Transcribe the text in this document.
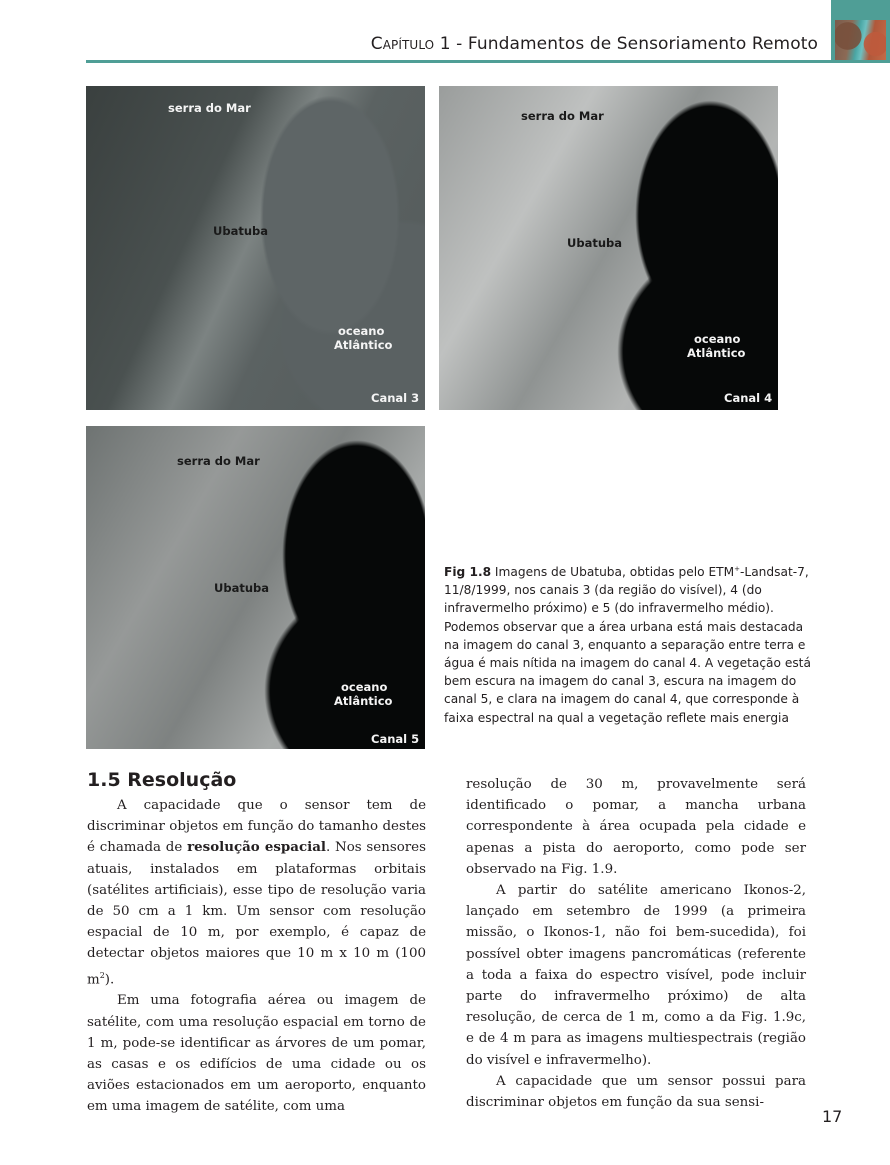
Capítulo 1 - Fundamentos de Sensoriamento Remoto
serra do Mar
Ubatuba
oceano
Atlântico
Canal 3
serra do Mar
Ubatuba
oceano
Atlântico
Canal 4
serra do Mar
Ubatuba
oceano
Atlântico
Canal 5
Fig 1.8 Imagens de Ubatuba, obtidas pelo ETM+-Landsat-7, 11/8/1999, nos canais 3 (da região do visível), 4 (do infravermelho próximo) e 5 (do infravermelho médio). Podemos observar que a área urbana está mais destacada na imagem do canal 3, enquanto a separação entre terra e água é mais nítida na imagem do canal 4. A vegetação está bem escura na imagem do canal 3, escura na imagem do canal 5, e clara na imagem do canal 4, que corresponde à faixa espectral na qual a vegetação reflete mais energia
1.5 Resolução

A capacidade que o sensor tem de discriminar objetos em função do tamanho destes é chamada de resolução espacial. Nos sensores atuais, instalados em plataformas orbitais (satélites artificiais), esse tipo de resolução varia de 50 cm a 1 km. Um sensor com resolução espacial de 10 m, por exemplo, é capaz de detectar objetos maiores que 10 m x 10 m (100 $m^2$).

Em uma fotografia aérea ou imagem de satélite, com uma resolução espacial em torno de 1 m, pode-se identificar as árvores de um pomar, as casas e os edifícios de uma cidade ou os aviões estacionados em um aeroporto, enquanto em uma imagem de satélite, com uma

resolução de 30 m, provavelmente será identificado o pomar, a mancha urbana correspondente à área ocupada pela cidade e apenas a pista do aeroporto, como pode ser observado na Fig. 1.9.

A partir do satélite americano Ikonos-2, lançado em setembro de 1999 (a primeira missão, o Ikonos-1, não foi bem-sucedida), foi possível obter imagens pancromáticas (referente a toda a faixa do espectro visível, pode incluir parte do infravermelho próximo) de alta resolução, de cerca de 1 m, como a da Fig. 1.9c, e de 4 m para as imagens multiespectrais (região do visível e infravermelho).

A capacidade que um sensor possui para discriminar objetos em função da sua sensi-

17
